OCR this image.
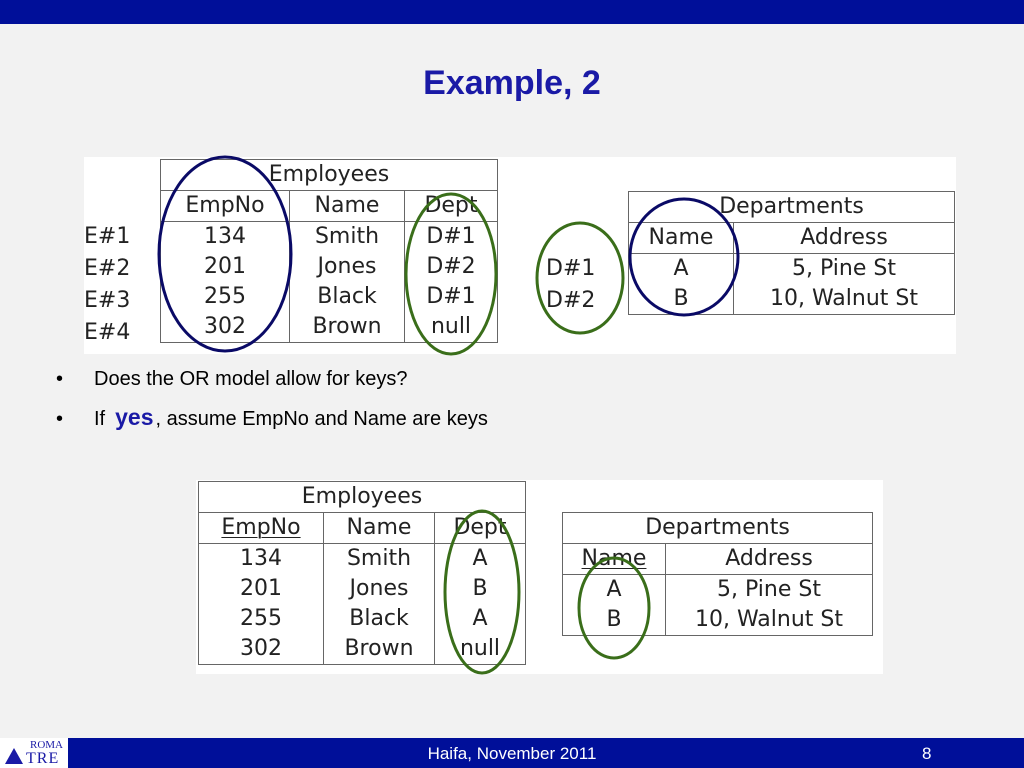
Example, 2
E#1
E#2
E#3
E#4
Employees		
EmpNo	Name	Dept
134	Smith	D#1
201	Jones	D#2
255	Black	D#1
302	Brown	null
D#1
D#2
Departments	
Name	Address
A	5, Pine St
B	10, Walnut St
•	Does the OR model allow for keys?
•	If yes , assume EmpNo and Name are keys
Employees		
EmpNo	Name	Dept
134	Smith	A
201	Jones	B
255	Black	A
302	Brown	null
Departments	
Name	Address
A	5, Pine St
B	10, Walnut St
Haifa, November 2011	8
ROMA
TRE
